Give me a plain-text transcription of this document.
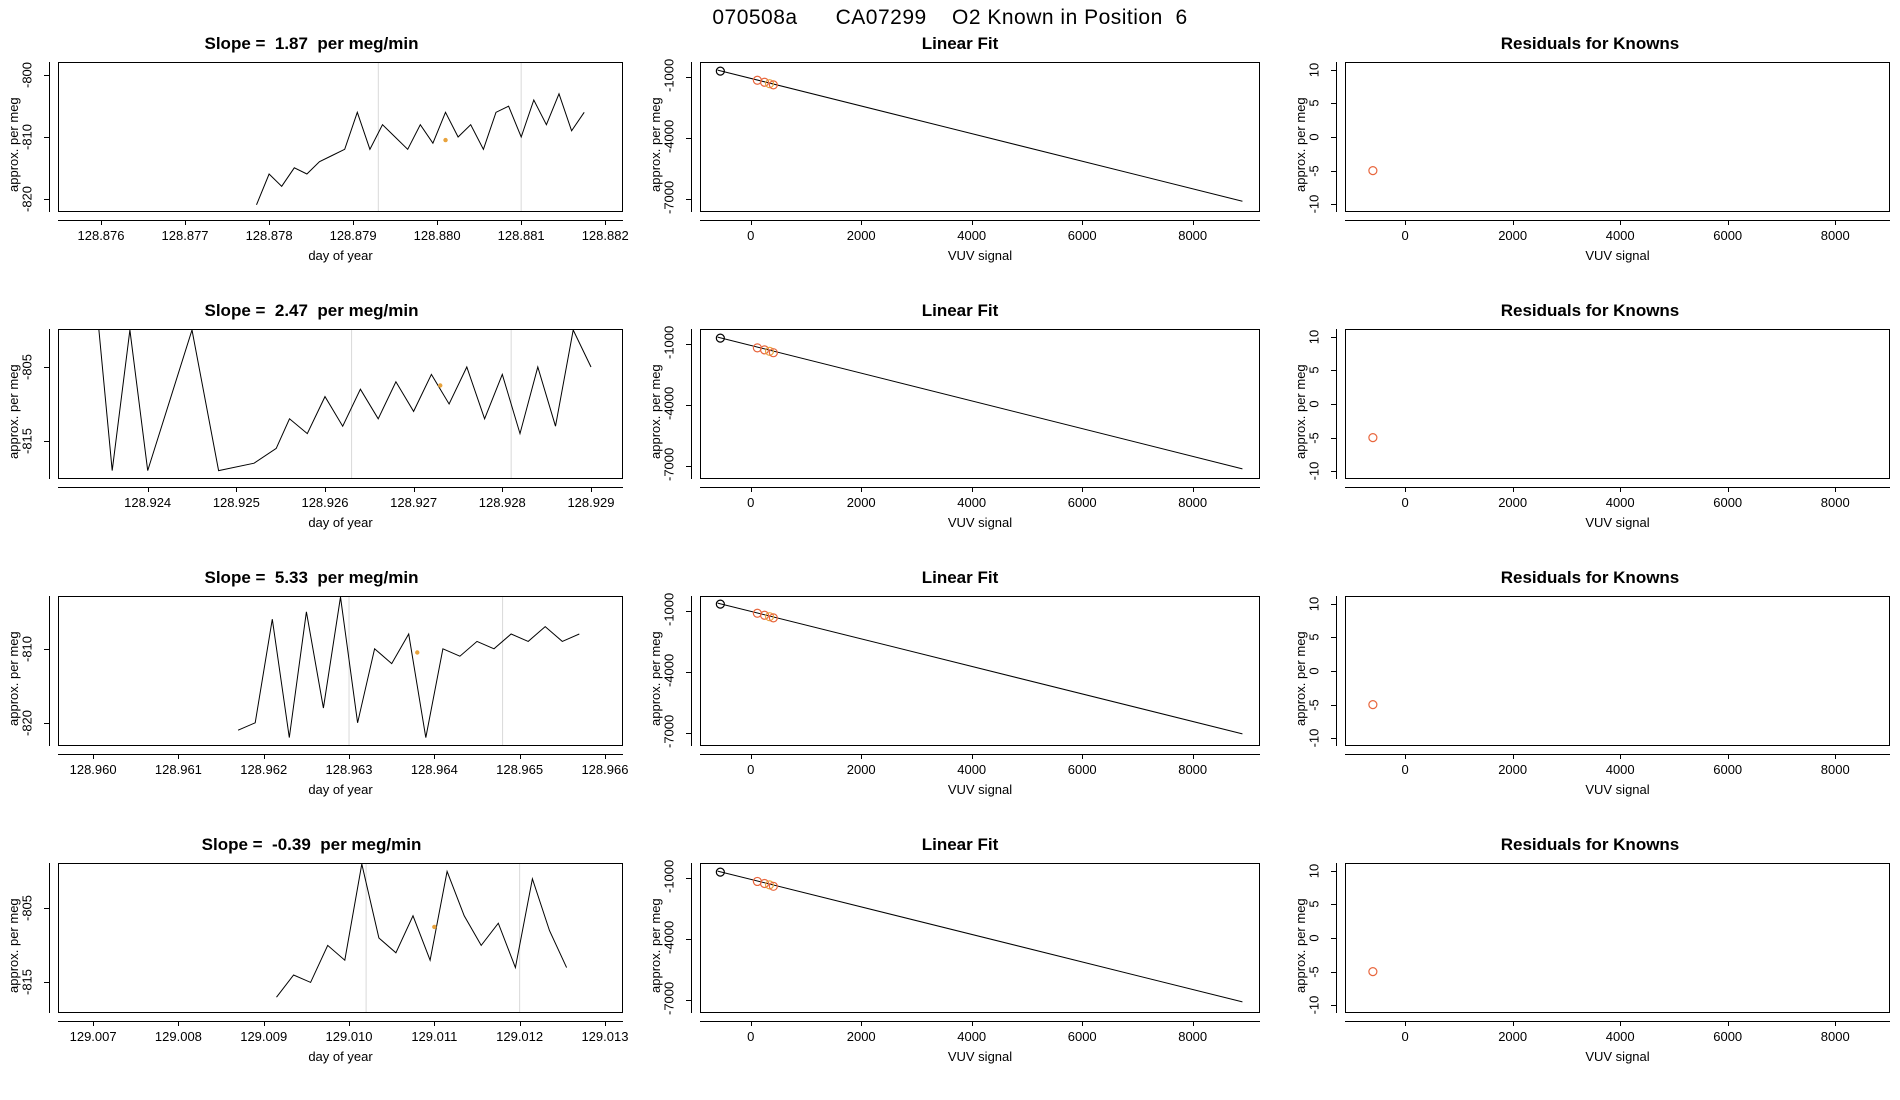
070508a      CA07299    O2 Known in Position  6
Slope =  1.87  per meg/min
128.876	128.877	128.878	128.879	128.880	128.881	128.882
-820
-810
-800
day of year
approx. per meg
Linear Fit
0	2000	4000	6000	8000
-7000
-4000
-1000
VUV signal
approx. per meg
Residuals for Knowns
0	2000	4000	6000	8000
-10
-5
0
5
10
VUV signal
approx. per meg
Slope =  2.47  per meg/min
128.924	128.925	128.926	128.927	128.928	128.929
-815
-805
day of year
approx. per meg
Linear Fit
0	2000	4000	6000	8000
-7000
-4000
-1000
VUV signal
approx. per meg
Residuals for Knowns
0	2000	4000	6000	8000
-10
-5
0
5
10
VUV signal
approx. per meg
Slope =  5.33  per meg/min
128.960	128.961	128.962	128.963	128.964	128.965	128.966
-820
-810
day of year
approx. per meg
Linear Fit
0	2000	4000	6000	8000
-7000
-4000
-1000
VUV signal
approx. per meg
Residuals for Knowns
0	2000	4000	6000	8000
-10
-5
0
5
10
VUV signal
approx. per meg
Slope =  -0.39  per meg/min
129.007	129.008	129.009	129.010	129.011	129.012	129.013
-815
-805
day of year
approx. per meg
Linear Fit
0	2000	4000	6000	8000
-7000
-4000
-1000
VUV signal
approx. per meg
Residuals for Knowns
0	2000	4000	6000	8000
-10
-5
0
5
10
VUV signal
approx. per meg
